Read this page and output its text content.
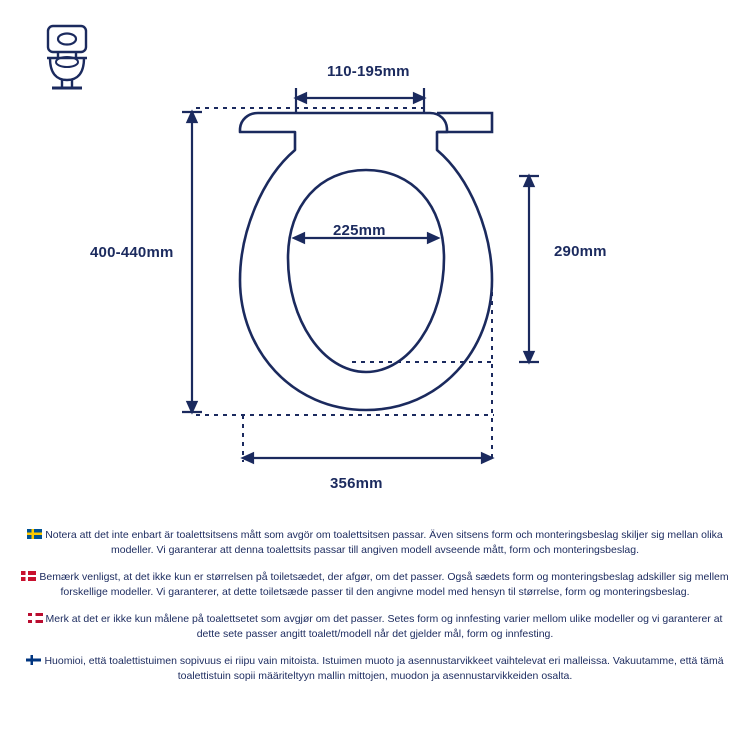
110-195mm
400-440mm
225mm
290mm
356mm
Notera att det inte enbart är toalettsitsens mått som avgör om toalettsitsen passar. Även sitsens form och monteringsbeslag skiljer sig mellan olika modeller. Vi garanterar att denna toalettsits passar till angiven modell avseende mått, form och monteringsbeslag.
Bemærk venligst, at det ikke kun er størrelsen på toiletsædet, der afgør, om det passer. Også sædets form og monteringsbeslag adskiller sig mellem forskellige modeller. Vi garanterer, at dette toiletsæde passer til den angivne model med hensyn til størrelse, form og monteringsbeslag.
Merk at det er ikke kun målene på toalettsetet som avgjør om det passer. Setes form og innfesting varier mellom ulike modeller og vi garanterer at dette sete passer angitt toalett/modell når det gjelder mål, form og innfesting.
Huomioi, että toalettistuimen sopivuus ei riipu vain mitoista. Istuimen muoto ja asennustarvikkeet vaihtelevat eri malleissa. Vakuutamme, että tämä toalettistuin sopii määriteltyyn mallin mittojen, muodon ja asennustarvikkeiden osalta.
